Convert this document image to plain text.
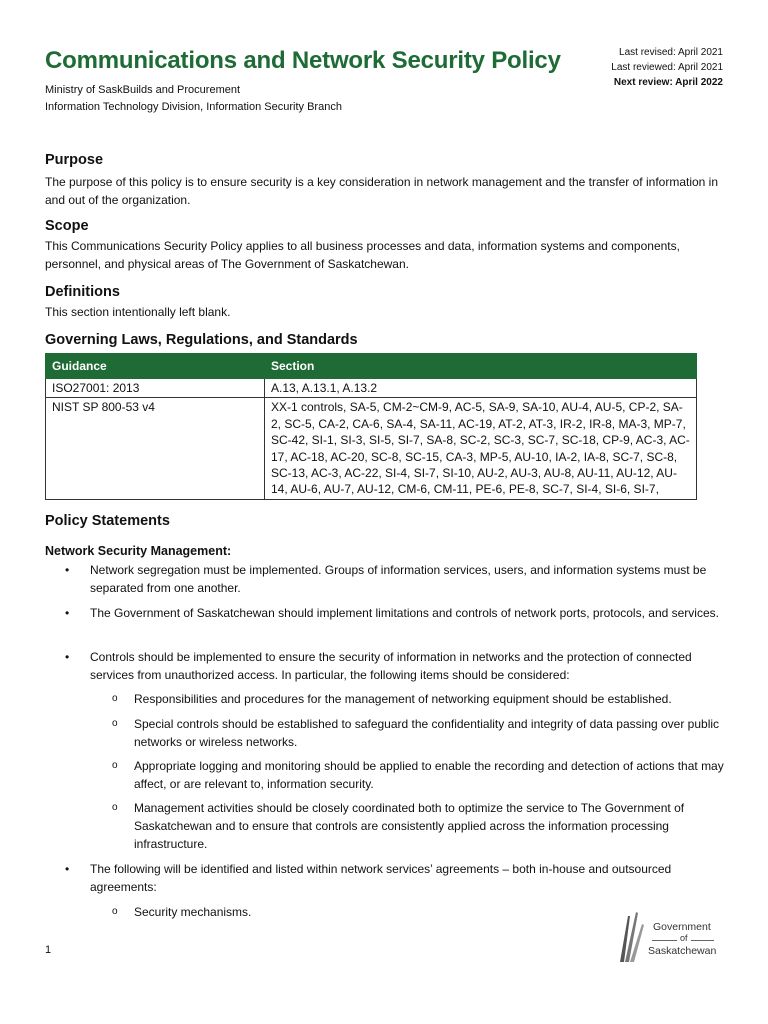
Communications and Network Security Policy
Ministry of SaskBuilds and Procurement
Information Technology Division, Information Security Branch
Last revised: April 2021
Last reviewed: April 2021
Next review: April 2022
Purpose

The purpose of this policy is to ensure security is a key consideration in network management and the transfer of information in and out of the organization.

Scope

This Communications Security Policy applies to all business processes and data, information systems and components, personnel, and physical areas of The Government of Saskatchewan.

Definitions

This section intentionally left blank.

Governing Laws, Regulations, and Standards
Guidance	Section
ISO27001: 2013	A.13, A.13.1, A.13.2
NIST SP 800-53 v4	XX-1 controls, SA-5, CM-2~CM-9, AC-5, SA-9, SA-10, AU-4, AU-5, CP-2, SA-2, SC-5, CA-2, CA-6, SA-4, SA-11, AC-19, AT-2, AT-3, IR-2, IR-8, MA-3, MP-7, SC-42, SI-1, SI-3, SI-5, SI-7, SA-8, SC-2, SC-3, SC-7, SC-18, CP-9, AC-3, AC-17, AC-18, AC-20, SC-8, SC-15, CA-3, MP-5, AU-10, IA-2, IA-8, SC-7, SC-8, SC-13, AC-3, AC-22, SI-4, SI-7, SI-10, AU-2, AU-3, AU-8, AU-11, AU-12, AU-14, AU-6, AU-7, AU-12, CM-6, CM-11, PE-6, PE-8, SC-7, SI-4, SI-6, SI-7,
Policy Statements
Network Security Management:
• Network segregation must be implemented. Groups of information services, users, and information systems must be separated from one another.
• The Government of Saskatchewan should implement limitations and controls of network ports, protocols, and services.
• Controls should be implemented to ensure the security of information in networks and the protection of connected services from unauthorized access. In particular, the following items should be considered:
o Responsibilities and procedures for the management of networking equipment should be established.
o Special controls should be established to safeguard the confidentiality and integrity of data passing over public networks or wireless networks.
o Appropriate logging and monitoring should be applied to enable the recording and detection of actions that may affect, or are relevant to, information security.
o Management activities should be closely coordinated both to optimize the service to The Government of Saskatchewan and to ensure that controls are consistently applied across the information processing infrastructure.
• The following will be identified and listed within network services’ agreements – both in-house and outsourced agreements:
o Security mechanisms.
1
Government
of
Saskatchewan
